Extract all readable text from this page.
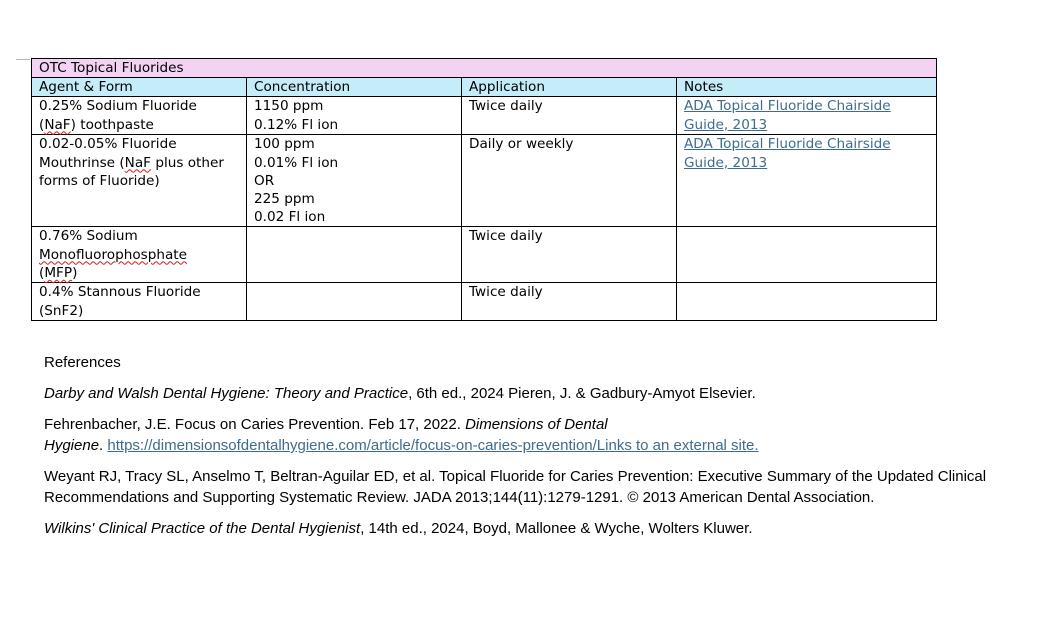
OTC Topical Fluorides			
Agent & Form	Concentration	Application	Notes

0.25% Sodium Fluoride
(NaF) toothpaste	1150 ppm
0.12% Fl ion	Twice daily	ADA Topical Fluoride Chairside
Guide, 2013

0.02-0.05% Fluoride
Mouthrinse (NaF plus other
forms of Fluoride)	100 ppm
0.01% Fl ion
OR
225 ppm
0.02 Fl ion	Daily or weekly	ADA Topical Fluoride Chairside
Guide, 2013

0.76% Sodium
Monofluorophosphate
(MFP)		Twice daily	

0.4% Stannous Fluoride
(SnF2)		Twice daily	

References

Darby and Walsh Dental Hygiene: Theory and Practice, 6th ed., 2024 Pieren, J. & Gadbury-Amyot Elsevier.

Fehrenbacher, J.E. Focus on Caries Prevention. Feb 17, 2022. Dimensions of Dental
Hygiene. https://dimensionsofdentalhygiene.com/article/focus-on-caries-prevention/Links to an external site.

Weyant RJ, Tracy SL, Anselmo T, Beltran-Aguilar ED, et al. Topical Fluoride for Caries Prevention: Executive Summary of the Updated Clinical
Recommendations and Supporting Systematic Review. JADA 2013;144(11):1279-1291. © 2013 American Dental Association.

Wilkins' Clinical Practice of the Dental Hygienist, 14th ed., 2024, Boyd, Mallonee & Wyche, Wolters Kluwer.
